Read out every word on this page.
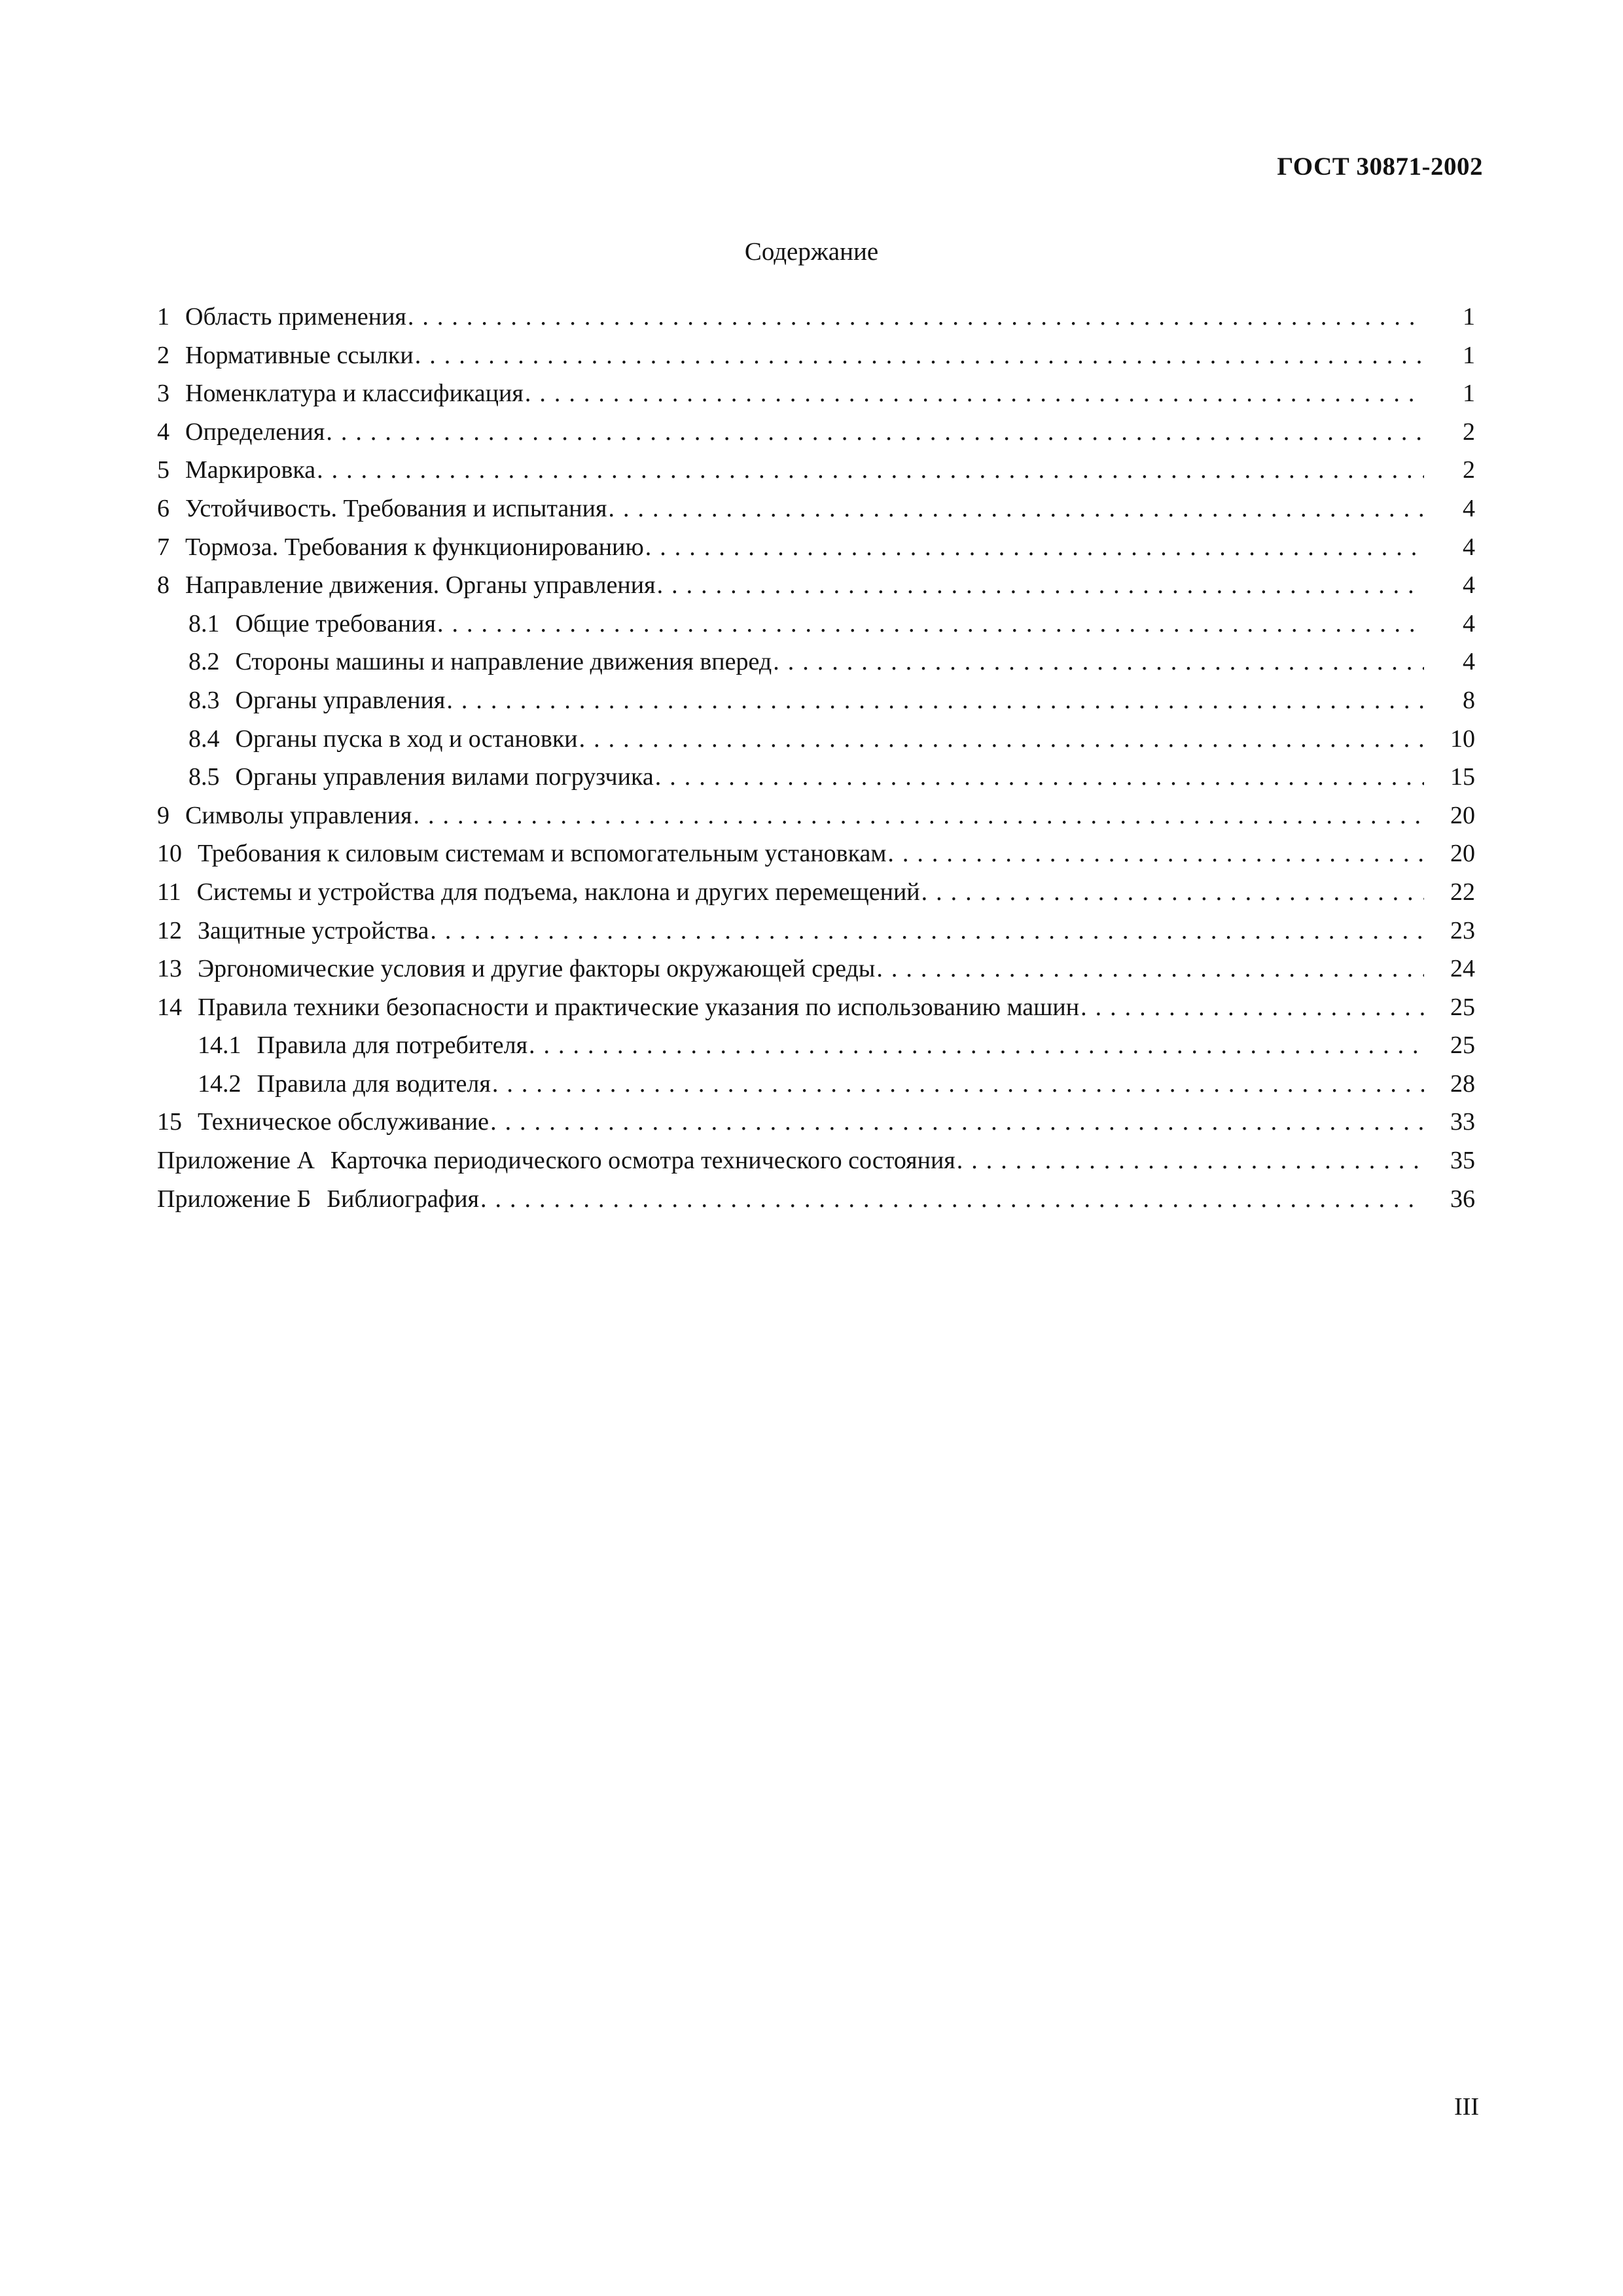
ГОСТ 30871-2002
Содержание
1 Область применения .....	1
2 Нормативные ссылки .....	1
3 Номенклатура и классификация .....	1
4 Определения .....	2
5 Маркировка .....	2
6 Устойчивость. Требования и испытания .....	4
7 Тормоза. Требования к функционированию .....	4
8 Направление движения. Органы управления .....	4
8.1 Общие требования .....	4
8.2 Стороны машины и направление движения вперед .....	4
8.3 Органы управления .....	8
8.4 Органы пуска в ход и остановки .....	10
8.5 Органы управления вилами погрузчика .....	15
9 Символы управления .....	20
10 Требования к силовым системам и вспомогательным установкам .....	20
11 Системы и устройства для подъема, наклона и других перемещений .....	22
12 Защитные устройства .....	23
13 Эргономические условия и другие факторы окружающей среды .....	24
14 Правила техники безопасности и практические указания по использованию машин .....	25
14.1 Правила для потребителя .....	25
14.2 Правила для водителя .....	28
15 Техническое обслуживание .....	33
Приложение А Карточка периодического осмотра технического состояния .....	35
Приложение Б Библиография .....	36
III
